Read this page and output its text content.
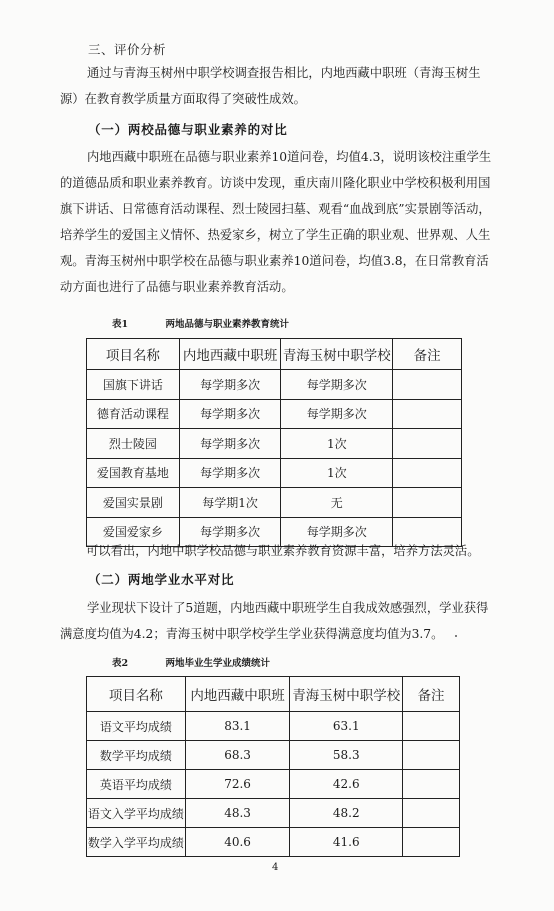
三、评价分析
通过与青海玉树州中职学校调查报告相比，内地西藏中职班（青海玉树生源）在教育教学质量方面取得了突破性成效。
（一）两校品德与职业素养的对比
内地西藏中职班在品德与职业素养10道问卷，均值4.3，说明该校注重学生的道德品质和职业素养教育。访谈中发现，重庆南川隆化职业中学校积极利用国旗下讲话、日常德育活动课程、烈士陵园扫墓、观看“血战到底”实景剧等活动，培养学生的爱国主义情怀、热爱家乡，树立了学生正确的职业观、世界观、人生观。青海玉树州中职学校在品德与职业素养10道问卷，均值3.8，在日常教育活动方面也进行了品德与职业素养教育活动。
表1	两地品德与职业素养教育统计
项目名称	内地西藏中职班	青海玉树中职学校	备注
国旗下讲话	每学期多次	每学期多次	
德育活动课程	每学期多次	每学期多次	
烈士陵园	每学期多次	1次	
爱国教育基地	每学期多次	1次	
爱国实景剧	每学期1次	无	
爱国爱家乡	每学期多次	每学期多次	
可以看出，内地中职学校品德与职业素养教育资源丰富，培养方法灵活。
（二）两地学业水平对比
学业现状下设计了5道题，内地西藏中职班学生自我成效感强烈，学业获得满意度均值为4.2；青海玉树中职学校学生学业获得满意度均值为3.7。
表2	两地毕业生学业成绩统计
项目名称	内地西藏中职班	青海玉树中职学校	备注
语文平均成绩	83.1	63.1	
数学平均成绩	68.3	58.3	
英语平均成绩	72.6	42.6	
语文入学平均成绩	48.3	48.2	
数学入学平均成绩	40.6	41.6	
4
